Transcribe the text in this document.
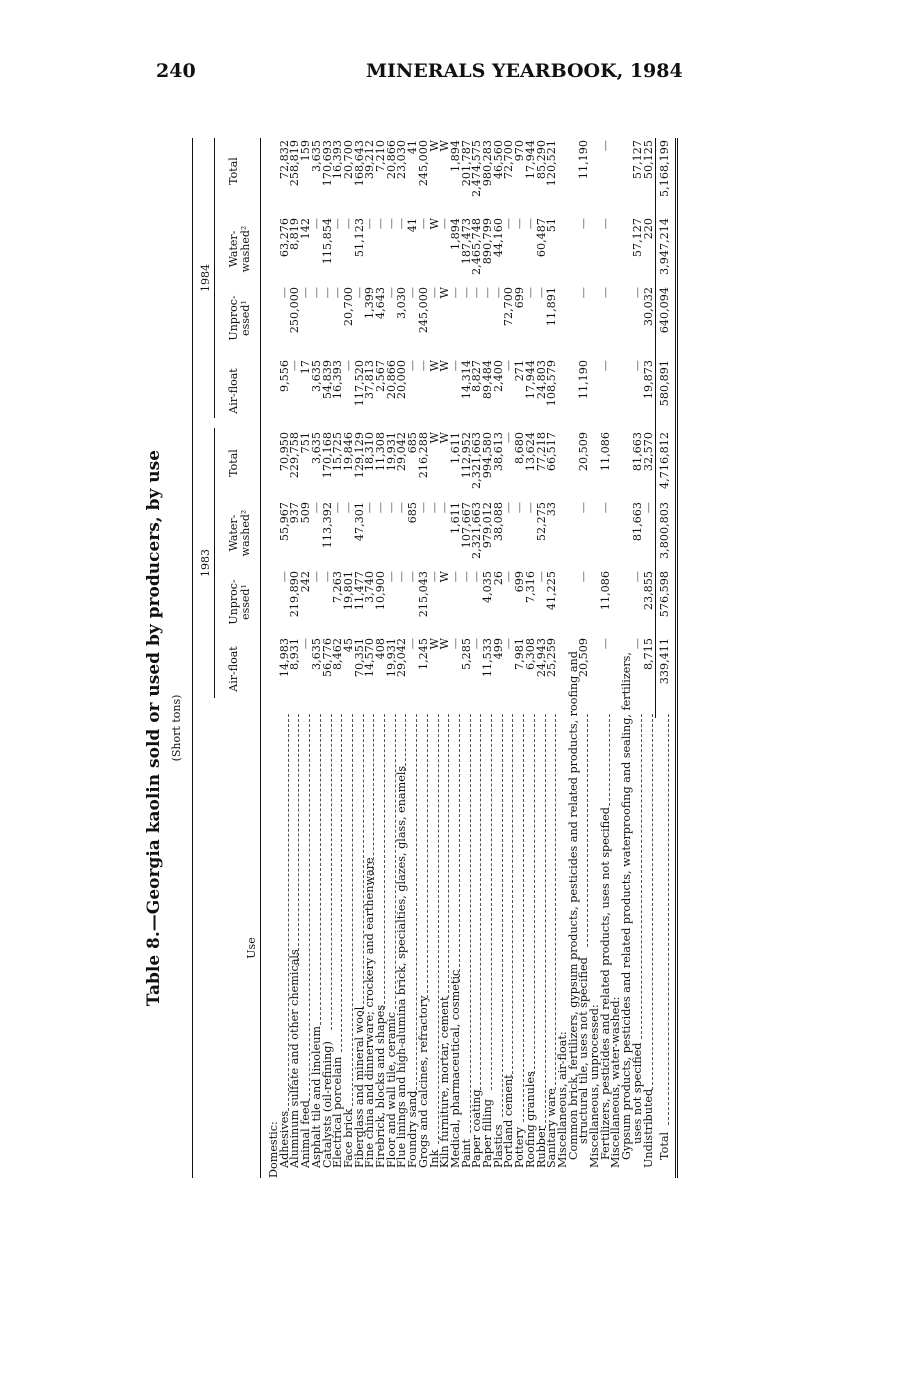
240	MINERALS YEARBOOK, 1984
Table 8.—Georgia kaolin sold or used by producers, by use (Short tons)
Use
1983
1984
Air-float
Unproc-essed¹
Water-washed²
Total
Air-float
Unproc-essed¹
Water-washed²
Total
Domestic:
Adhesives
14,983
—
55,967
70,950
9,556
—
63,276
72,832
Aluminum sulfate and other chemicals
8,931
219,890
937
229,758
—
250,000
8,819
258,819
Animal feed
—
242
509
751
17
—
142
159
Asphalt tile and linoleum
3,635
—
—
3,635
3,635
—
—
3,635
Catalysts (oil-refining)
56,776
—
113,392
170,168
54,839
—
115,854
170,693
Electrical porcelain
8,462
7,263
—
15,725
16,393
—
—
16,393
Face brick
45
19,801
—
19,846
—
20,700
—
20,700
Fiberglass and mineral wool
70,351
11,477
47,301
129,129
117,520
—
51,123
168,643
Fine china and dinnerware; crockery and earthenware
14,570
3,740
—
18,310
37,813
1,399
—
39,212
Firebrick, blocks and shapes
408
10,900
—
11,308
2,567
4,643
—
7,210
Floor and wall tile, ceramic
19,931
—
—
19,931
20,866
—
—
20,866
Flue linings and high-alumina brick, specialties, glazes, glass, enamels
29,042
—
—
29,042
20,000
3,030
—
23,030
Foundry sand
—
—
685
685
—
—
41
41
Grogs and calcines, refractory
1,245
215,043
—
216,288
—
245,000
—
245,000
Ink
W
—
—
W
W
—
W
W
Kiln furniture, mortar, cement
W
W
—
W
W
W
—
W
Medical, pharmaceutical, cosmetic
—
—
1,611
1,611
—
—
1,894
1,894
Paint
5,285
—
107,667
112,952
14,314
—
187,473
201,787
Paper coating
—
—
2,321,663
2,321,663
8,827
—
2,465,748
2,474,575
Paper filling
11,533
4,035
979,012
994,580
89,484
—
890,799
980,283
Plastics
499
26
38,088
38,613
2,400
—
44,160
46,560
Portland cement
—
—
—
—
—
72,700
—
72,700
Pottery
7,981
699
—
8,680
271
699
—
970
Roofing granules
6,308
7,316
—
13,624
17,944
—
—
17,944
Rubber
24,943
—
52,275
77,218
24,803
—
60,487
85,290
Sanitary ware
25,259
41,225
33
66,517
108,579
11,891
51
120,521
Miscellaneous, air-float:
Common brick, fertilizers, gypsum products, pesticides and related products, roofing and
structural tile, uses not specified
20,509
—
—
20,509
11,190
—
—
11,190
Miscellaneous, unprocessed:
Fertilizers, pesticides and related products, uses not specified
—
11,086
—
11,086
—
—
—
—
Miscellaneous, water-washed:
Gypsum products, pesticides and related products, waterproofing and sealing, fertilizers,
uses not specified
—
—
81,663
81,663
—
—
57,127
57,127
Undistributed
8,715
23,855
—
32,570
19,873
30,032
220
50,125
Total
339,411
576,598
3,800,803
4,716,812
580,891
640,094
3,947,214
5,168,199
